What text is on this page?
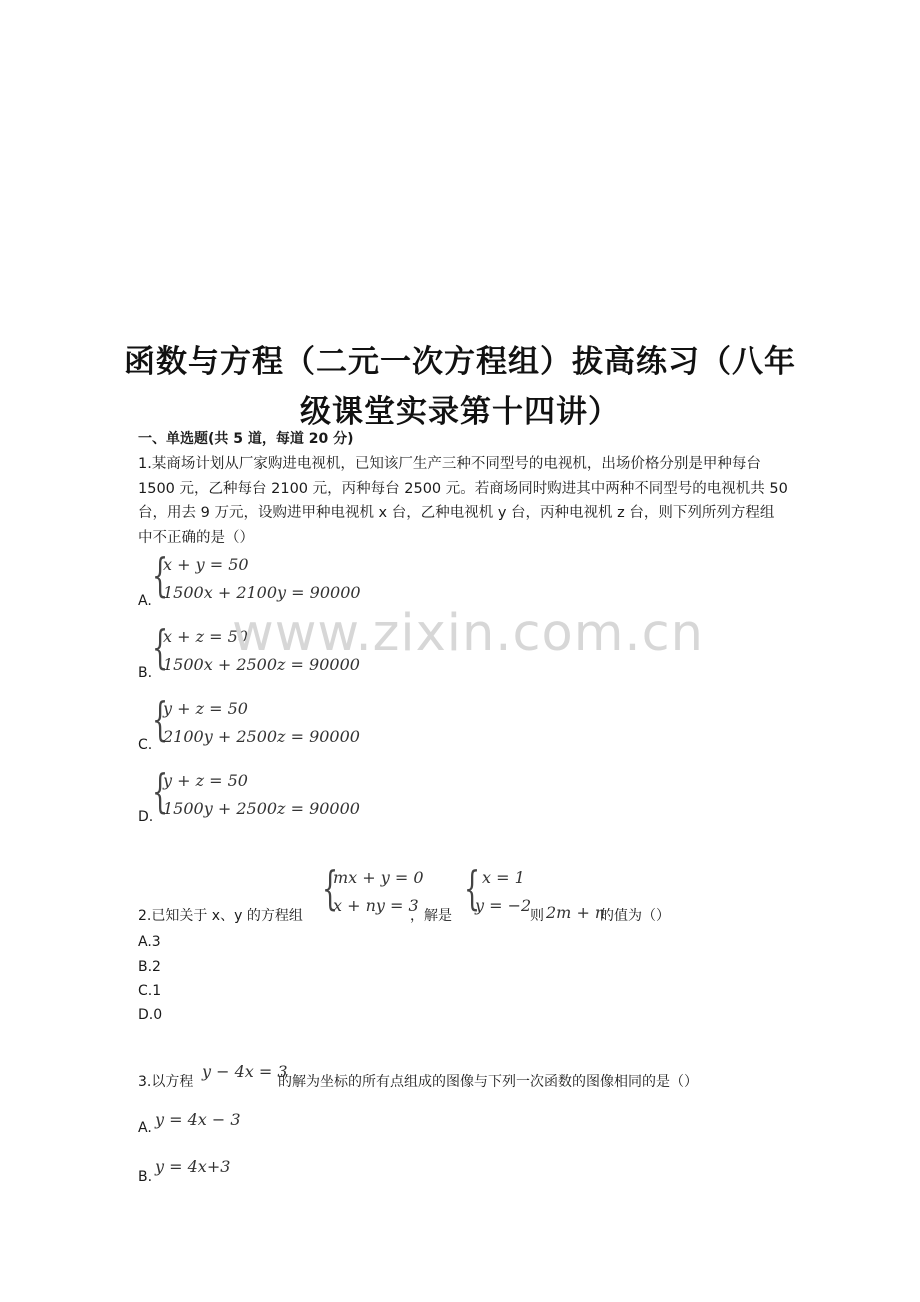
函数与方程（二元一次方程组）拔高练习（八年
级课堂实录第十四讲）
一、单选题(共 5 道，每道 20 分)
1.某商场计划从厂家购进电视机，已知该厂生产三种不同型号的电视机，出场价格分别是甲种每台 1500 元，乙种每台 2100 元，丙种每台 2500 元。若商场同时购进其中两种不同型号的电视机共 50 台，用去 9 万元，设购进甲种电视机 x 台，乙种电视机 y 台，丙种电视机 z 台，则下列所列方程组中不正确的是（）
A. {
x + y = 50
1500x + 2100y = 90000
B. {
x + z = 50
1500x + 2500z = 90000
C. {
y + z = 50
2100y + 2500z = 90000
D.
{
y + z = 50
1500y + 2500z = 90000
www.zixin.com.cn
2.已知关于 x、y 的方程组
{
mx + y = 0
x + ny = 3
，解是
{ x = 1
y = −2
则 2m + n
的值为（）
A.3
B.2
C.1
D.0
3.以方程
y − 4x = 3
的解为坐标的所有点组成的图像与下列一次函数的图像相同的是（）
A. y = 4x − 3
B.
y = 4x+3
